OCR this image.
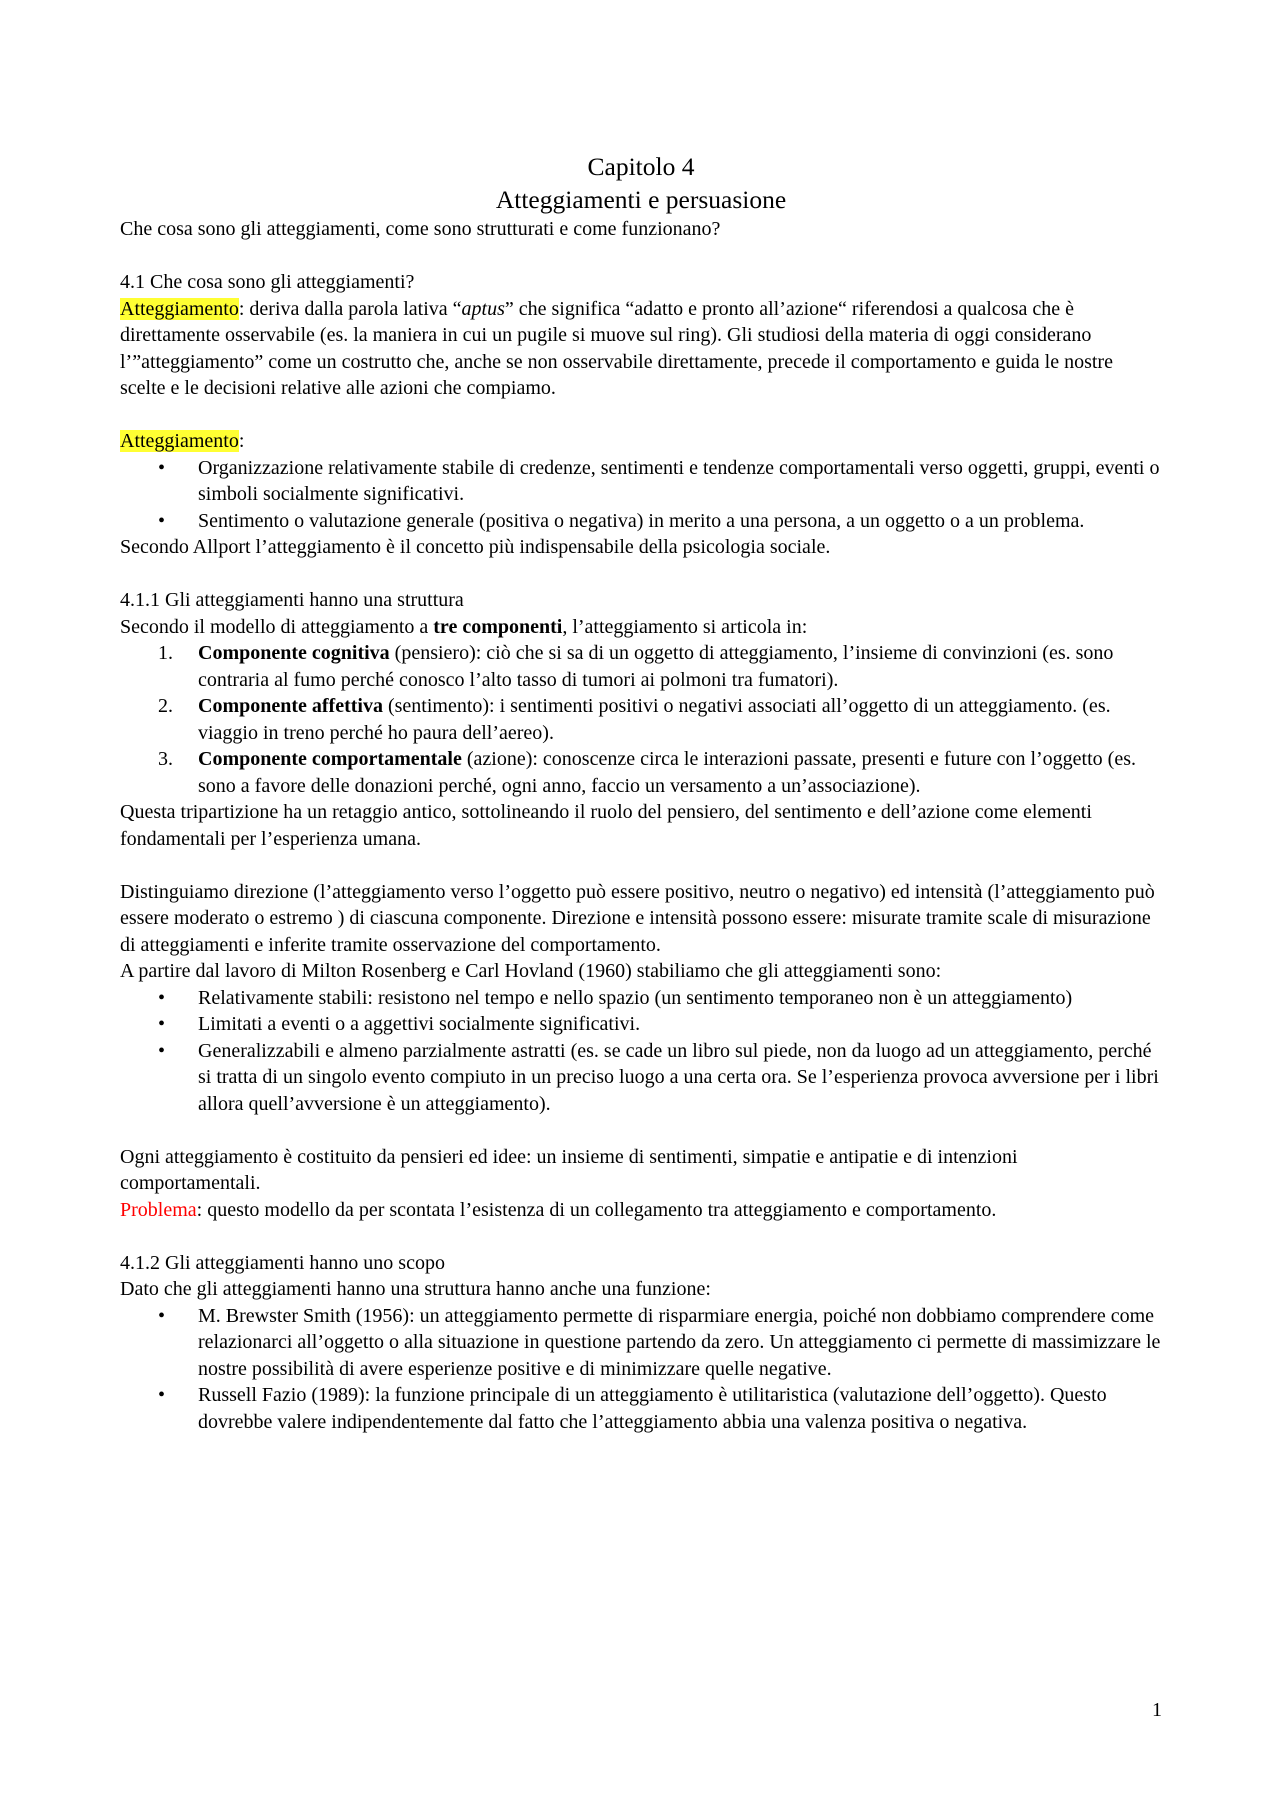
Capitolo 4
Atteggiamenti e persuasione

Che cosa sono gli atteggiamenti, come sono strutturati e come funzionano?

4.1 Che cosa sono gli atteggiamenti?

Atteggiamento: deriva dalla parola lativa “aptus” che significa “adatto e pronto all’azione“ riferendosi a qualcosa che è direttamente osservabile (es. la maniera in cui un pugile si muove sul ring). Gli studiosi della materia di oggi considerano l’”atteggiamento” come un costrutto che, anche se non osservabile direttamente, precede il comportamento e guida le nostre scelte e le decisioni relative alle azioni che compiamo.

Atteggiamento:

• Organizzazione relativamente stabile di credenze, sentimenti e tendenze comportamentali verso oggetti, gruppi, eventi o simboli socialmente significativi.
• Sentimento o valutazione generale (positiva o negativa) in merito a una persona, a un oggetto o a un problema.

Secondo Allport l’atteggiamento è il concetto più indispensabile della psicologia sociale.

4.1.1 Gli atteggiamenti hanno una struttura

Secondo il modello di atteggiamento a tre componenti, l’atteggiamento si articola in:

1. Componente cognitiva (pensiero): ciò che si sa di un oggetto di atteggiamento, l’insieme di convinzioni (es. sono contraria al fumo perché conosco l’alto tasso di tumori ai polmoni tra fumatori).
2. Componente affettiva (sentimento): i sentimenti positivi o negativi associati all’oggetto di un atteggiamento. (es. viaggio in treno perché ho paura dell’aereo).
3. Componente comportamentale (azione): conoscenze circa le interazioni passate, presenti e future con l’oggetto (es. sono a favore delle donazioni perché, ogni anno, faccio un versamento a un’associazione).

Questa tripartizione ha un retaggio antico, sottolineando il ruolo del pensiero, del sentimento e dell’azione come elementi fondamentali per l’esperienza umana.

Distinguiamo direzione (l’atteggiamento verso l’oggetto può essere positivo, neutro o negativo) ed intensità (l’atteggiamento può essere moderato o estremo ) di ciascuna componente. Direzione e intensità possono essere: misurate tramite scale di misurazione di atteggiamenti e inferite tramite osservazione del comportamento.

A partire dal lavoro di Milton Rosenberg e Carl Hovland (1960) stabiliamo che gli atteggiamenti sono:

• Relativamente stabili: resistono nel tempo e nello spazio (un sentimento temporaneo non è un atteggiamento)
• Limitati a eventi o a aggettivi socialmente significativi.
• Generalizzabili e almeno parzialmente astratti (es. se cade un libro sul piede, non da luogo ad un atteggiamento, perché si tratta di un singolo evento compiuto in un preciso luogo a una certa ora. Se l’esperienza provoca avversione per i libri allora quell’avversione è un atteggiamento).

Ogni atteggiamento è costituito da pensieri ed idee: un insieme di sentimenti, simpatie e antipatie e di intenzioni comportamentali.

Problema: questo modello da per scontata l’esistenza di un collegamento tra atteggiamento e comportamento.

4.1.2 Gli atteggiamenti hanno uno scopo

Dato che gli atteggiamenti hanno una struttura hanno anche una funzione:

• M. Brewster Smith (1956): un atteggiamento permette di risparmiare energia, poiché non dobbiamo comprendere come relazionarci all’oggetto o alla situazione in questione partendo da zero. Un atteggiamento ci permette di massimizzare le nostre possibilità di avere esperienze positive e di minimizzare quelle negative.
• Russell Fazio (1989): la funzione principale di un atteggiamento è utilitaristica (valutazione dell’oggetto). Questo dovrebbe valere indipendentemente dal fatto che l’atteggiamento abbia una valenza positiva o negativa.
1
